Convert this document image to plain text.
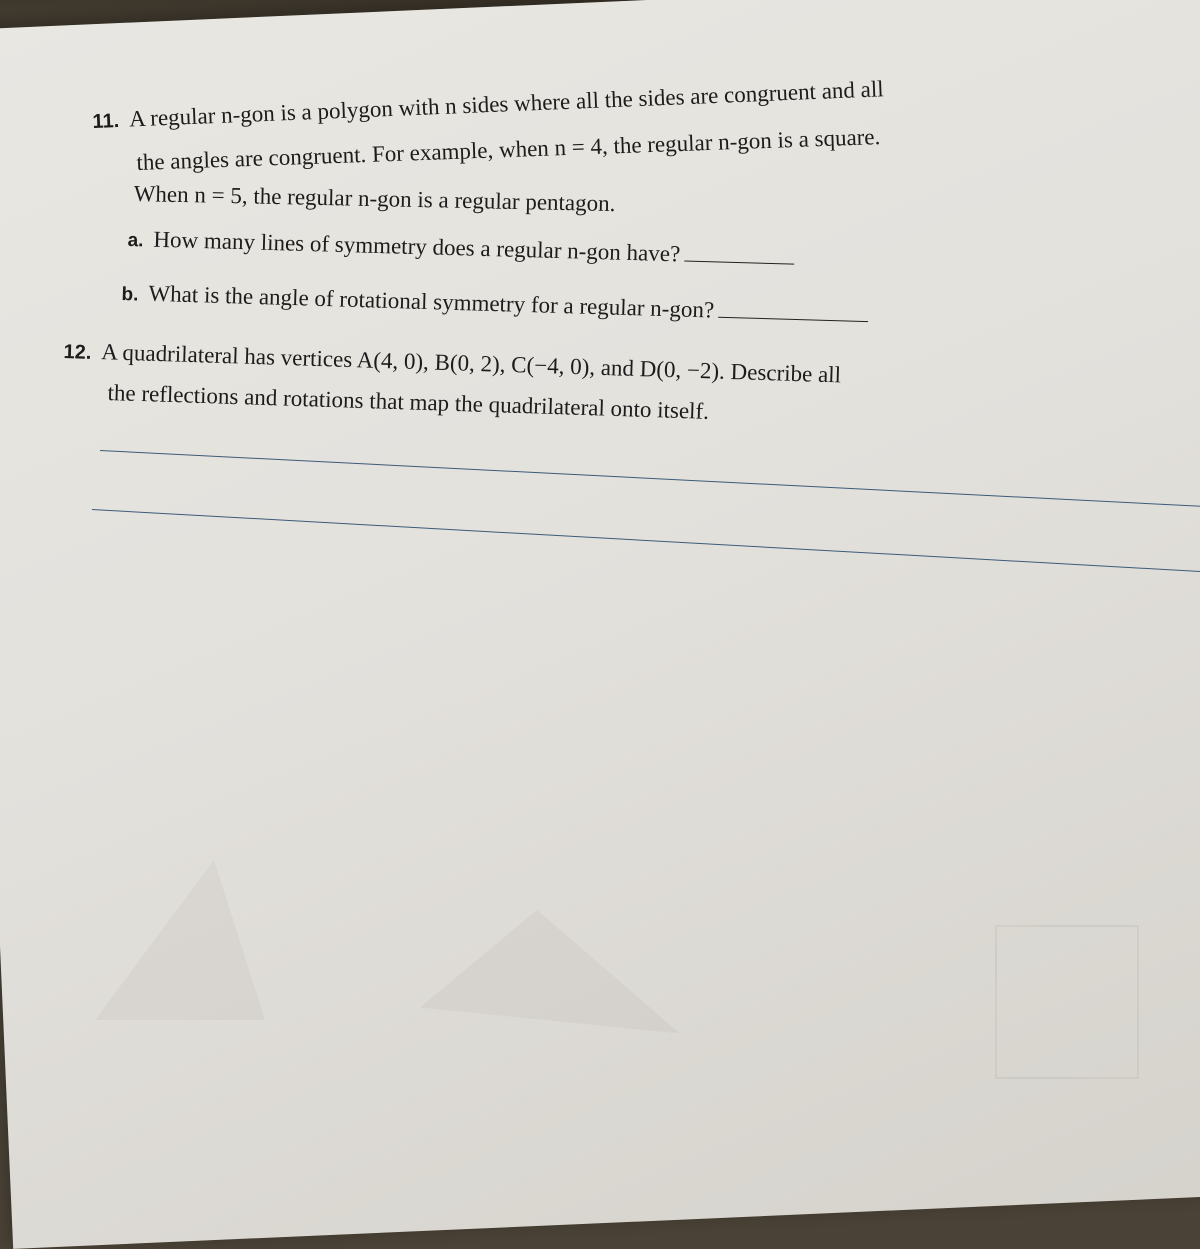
11. A regular n-gon is a polygon with n sides where all the sides are congruent and all
the angles are congruent. For example, when n = 4, the regular n-gon is a square.
When n = 5, the regular n-gon is a regular pentagon.
a. How many lines of symmetry does a regular n-gon have?
b. What is the angle of rotational symmetry for a regular n-gon?
12. A quadrilateral has vertices A(4, 0), B(0, 2), C(−4, 0), and D(0, −2). Describe all
the reflections and rotations that map the quadrilateral onto itself.
